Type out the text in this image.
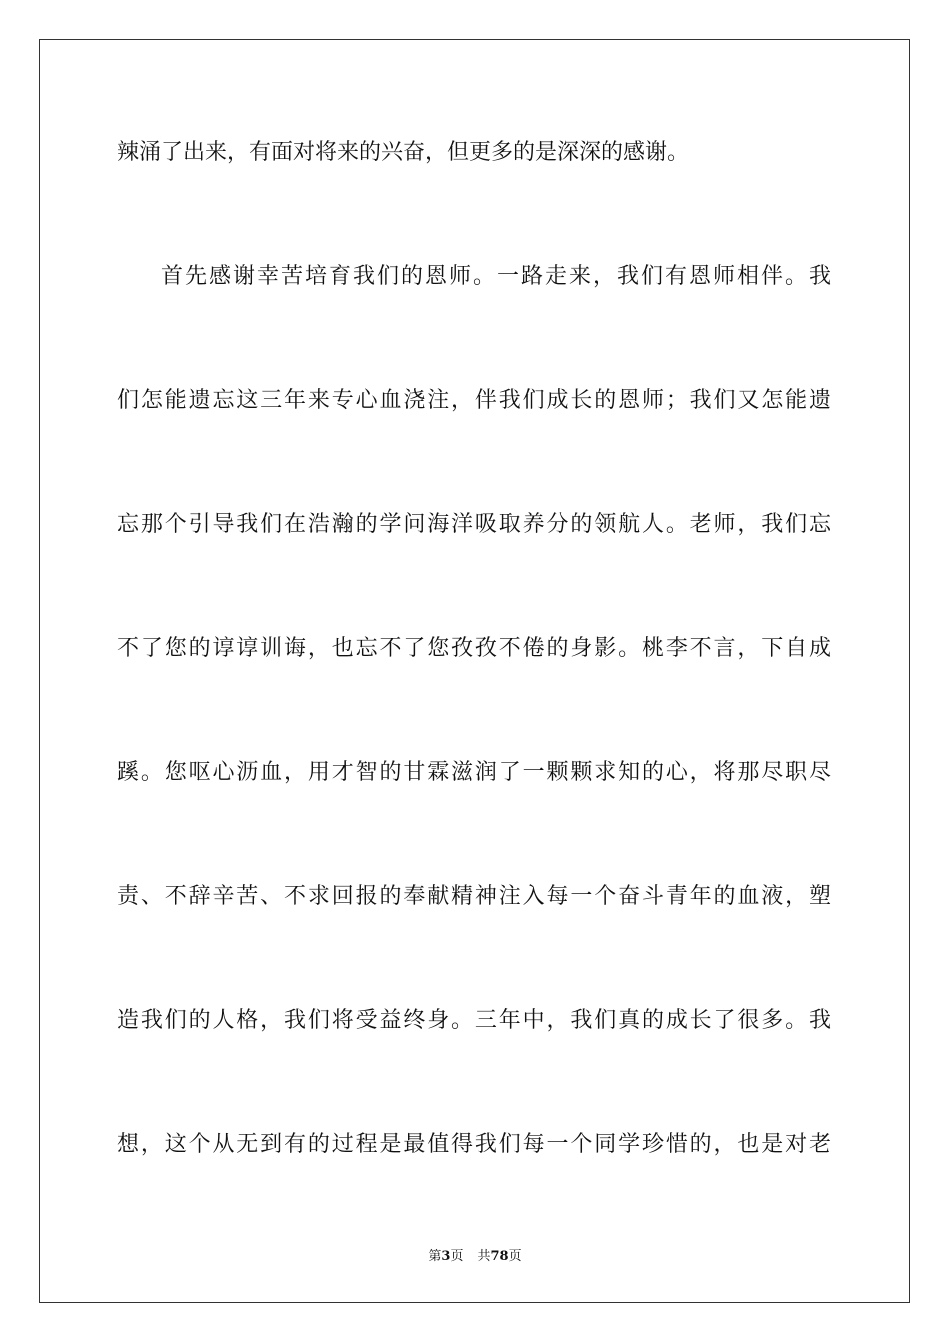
辣涌了出来，有面对将来的兴奋，但更多的是深深的感谢。
首先感谢幸苦培育我们的恩师。一路走来，我们有恩师相伴。我
们怎能遗忘这三年来专心血浇注，伴我们成长的恩师；我们又怎能遗
忘那个引导我们在浩瀚的学问海洋吸取养分的领航人。老师，我们忘
不了您的谆谆训诲，也忘不了您孜孜不倦的身影。桃李不言，下自成
蹊。您呕心沥血，用才智的甘霖滋润了一颗颗求知的心，将那尽职尽
责、不辞辛苦、不求回报的奉献精神注入每一个奋斗青年的血液，塑
造我们的人格，我们将受益终身。三年中，我们真的成长了很多。我
想，这个从无到有的过程是最值得我们每一个同学珍惜的，也是对老
第3页 共78页
